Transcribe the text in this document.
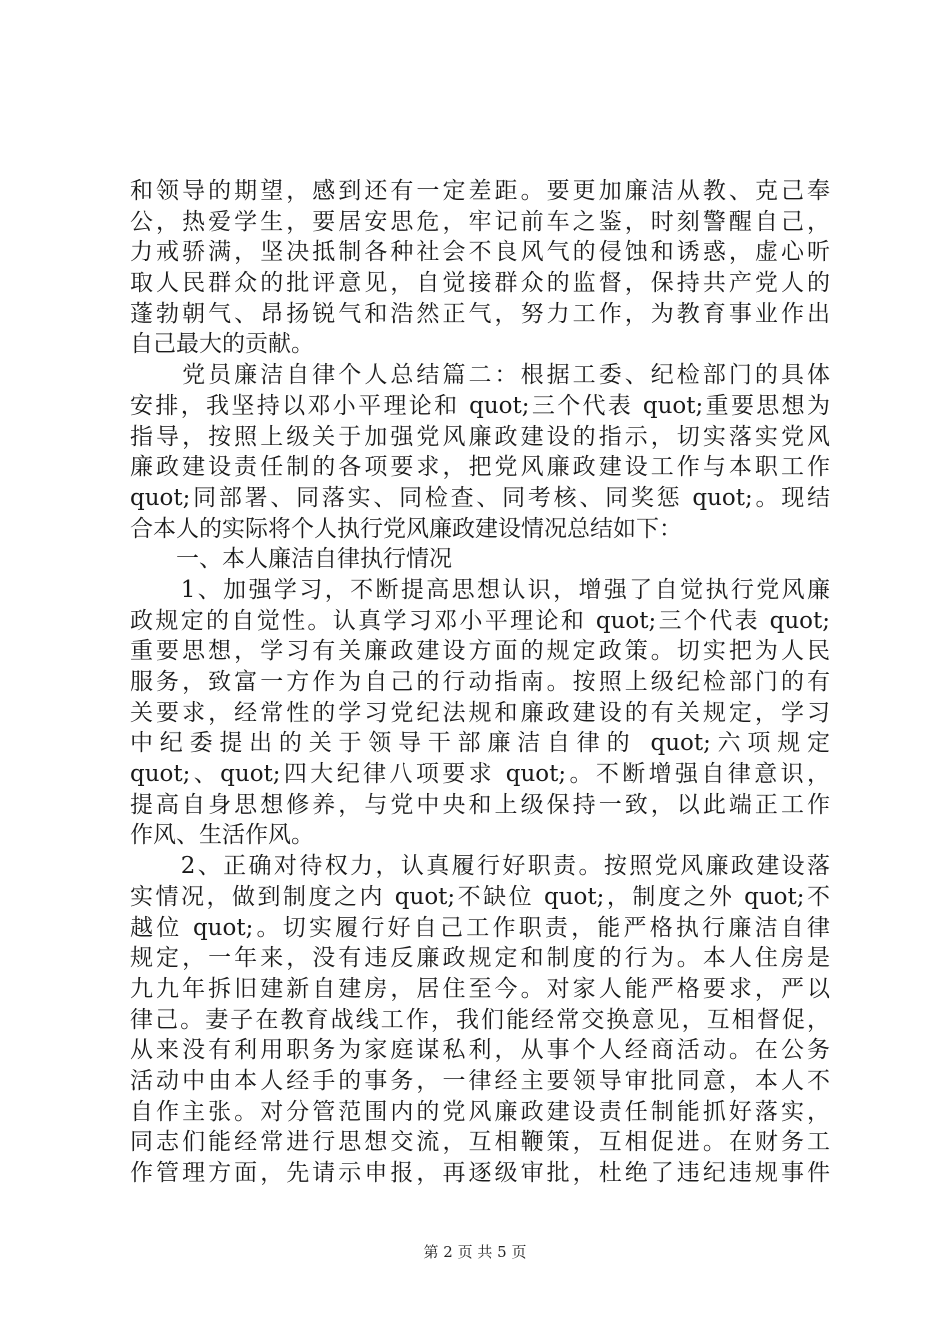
和领导的期望，感到还有一定差距。要更加廉洁从教、克己奉
公，热爱学生，要居安思危，牢记前车之鉴，时刻警醒自己，
力戒骄满，坚决抵制各种社会不良风气的侵蚀和诱惑，虚心听
取人民群众的批评意见，自觉接群众的监督，保持共产党人的
蓬勃朝气、昂扬锐气和浩然正气，努力工作，为教育事业作出
自己最大的贡献。
　　党员廉洁自律个人总结篇二：根据工委、纪检部门的具体
安排，我坚持以邓小平理论和 quot;三个代表 quot;重要思想为
指导，按照上级关于加强党风廉政建设的指示，切实落实党风
廉政建设责任制的各项要求，把党风廉政建设工作与本职工作
quot;同部署、同落实、同检查、同考核、同奖惩 quot;。现结
合本人的实际将个人执行党风廉政建设情况总结如下：
　　一、本人廉洁自律执行情况
　　1、加强学习，不断提高思想认识，增强了自觉执行党风廉
政规定的自觉性。认真学习邓小平理论和 quot;三个代表 quot;
重要思想，学习有关廉政建设方面的规定政策。切实把为人民
服务，致富一方作为自己的行动指南。按照上级纪检部门的有
关要求，经常性的学习党纪法规和廉政建设的有关规定，学习
中纪委提出的关于领导干部廉洁自律的 quot;六项规定
quot;、quot;四大纪律八项要求 quot;。不断增强自律意识，
提高自身思想修养，与党中央和上级保持一致，以此端正工作
作风、生活作风。
　　2、正确对待权力，认真履行好职责。按照党风廉政建设落
实情况，做到制度之内 quot;不缺位 quot;，制度之外 quot;不
越位 quot;。切实履行好自己工作职责，能严格执行廉洁自律
规定，一年来，没有违反廉政规定和制度的行为。本人住房是
九九年拆旧建新自建房，居住至今。对家人能严格要求，严以
律己。妻子在教育战线工作，我们能经常交换意见，互相督促，
从来没有利用职务为家庭谋私利，从事个人经商活动。在公务
活动中由本人经手的事务，一律经主要领导审批同意，本人不
自作主张。对分管范围内的党风廉政建设责任制能抓好落实，
同志们能经常进行思想交流，互相鞭策，互相促进。在财务工
作管理方面，先请示申报，再逐级审批，杜绝了违纪违规事件
第 2 页 共 5 页
